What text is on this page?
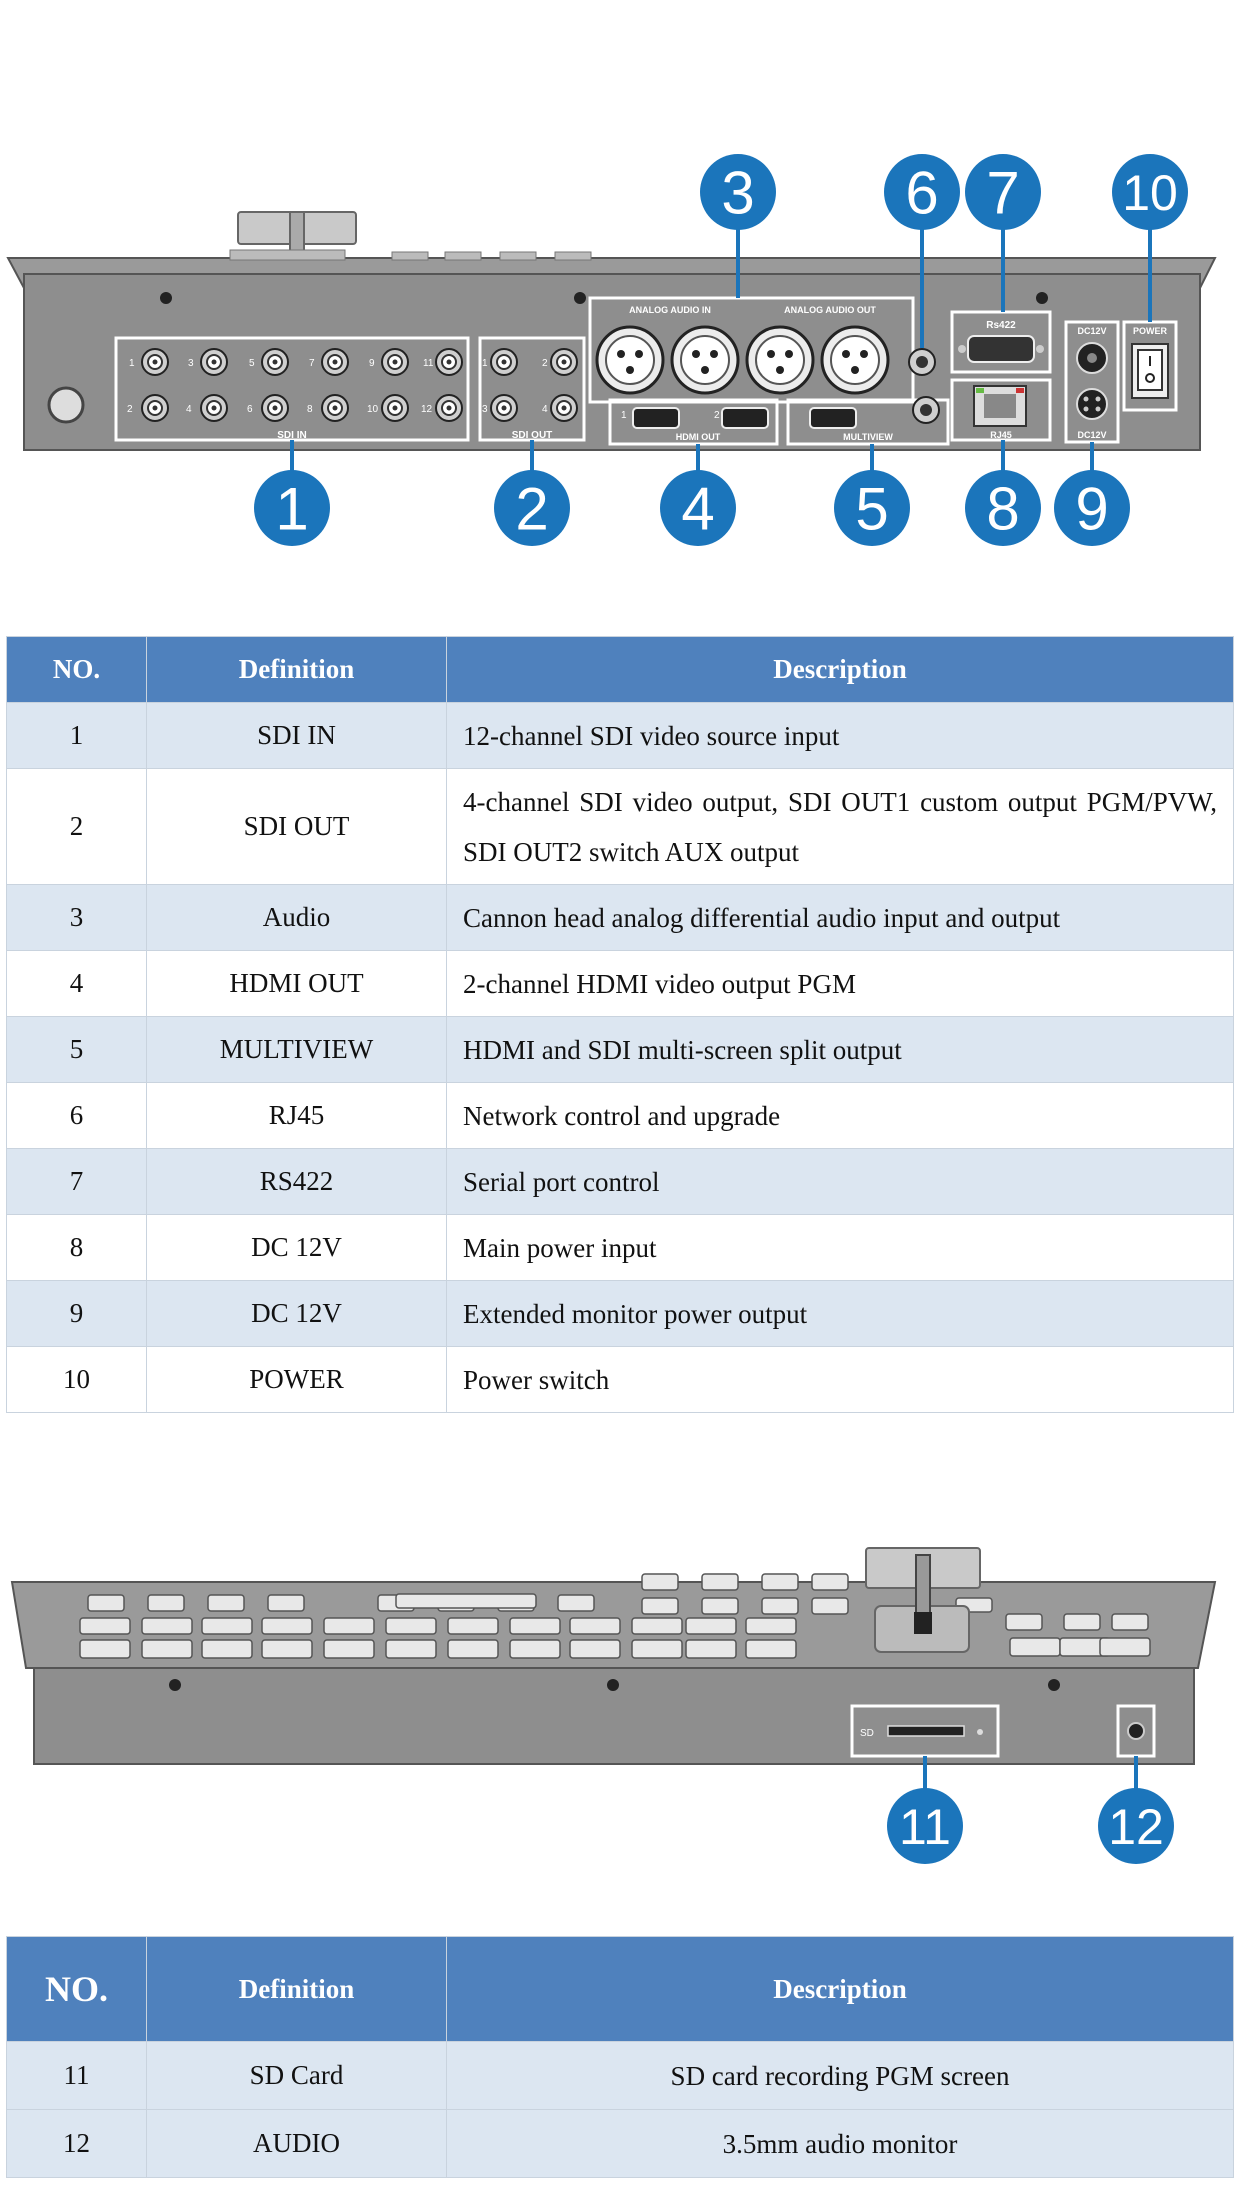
SDI IN
1	3	5	7	9	11
2	4	6	8	10	12
SDI OUT
1	2
3	4
ANALOG AUDIO IN	ANALOG AUDIO OUT
HDMI OUT
1	2
MULTIVIEW
Rs422
RJ45
DC12V
DC12V
POWER
1	2
3
4 5
6 7
8 9
10
NO.	Definition	Description
1	SDI IN	12-channel SDI video source input
2	SDI OUT	4-channel SDI video output, SDI OUT1 custom output PGM/PVW, SDI OUT2 switch AUX output
3	Audio	Cannon head analog differential audio input and output
4	HDMI OUT	2-channel HDMI video output PGM
5	MULTIVIEW	HDMI and SDI multi-screen split output
6	RJ45	Network control and upgrade
7	RS422	Serial port control
8	DC 12V	Main power input
9	DC 12V	Extended monitor power output
10	POWER	Power switch
SD
11	12
NO.	Definition	Description
11	SD Card	SD card recording PGM screen
12	AUDIO	3.5mm audio monitor
